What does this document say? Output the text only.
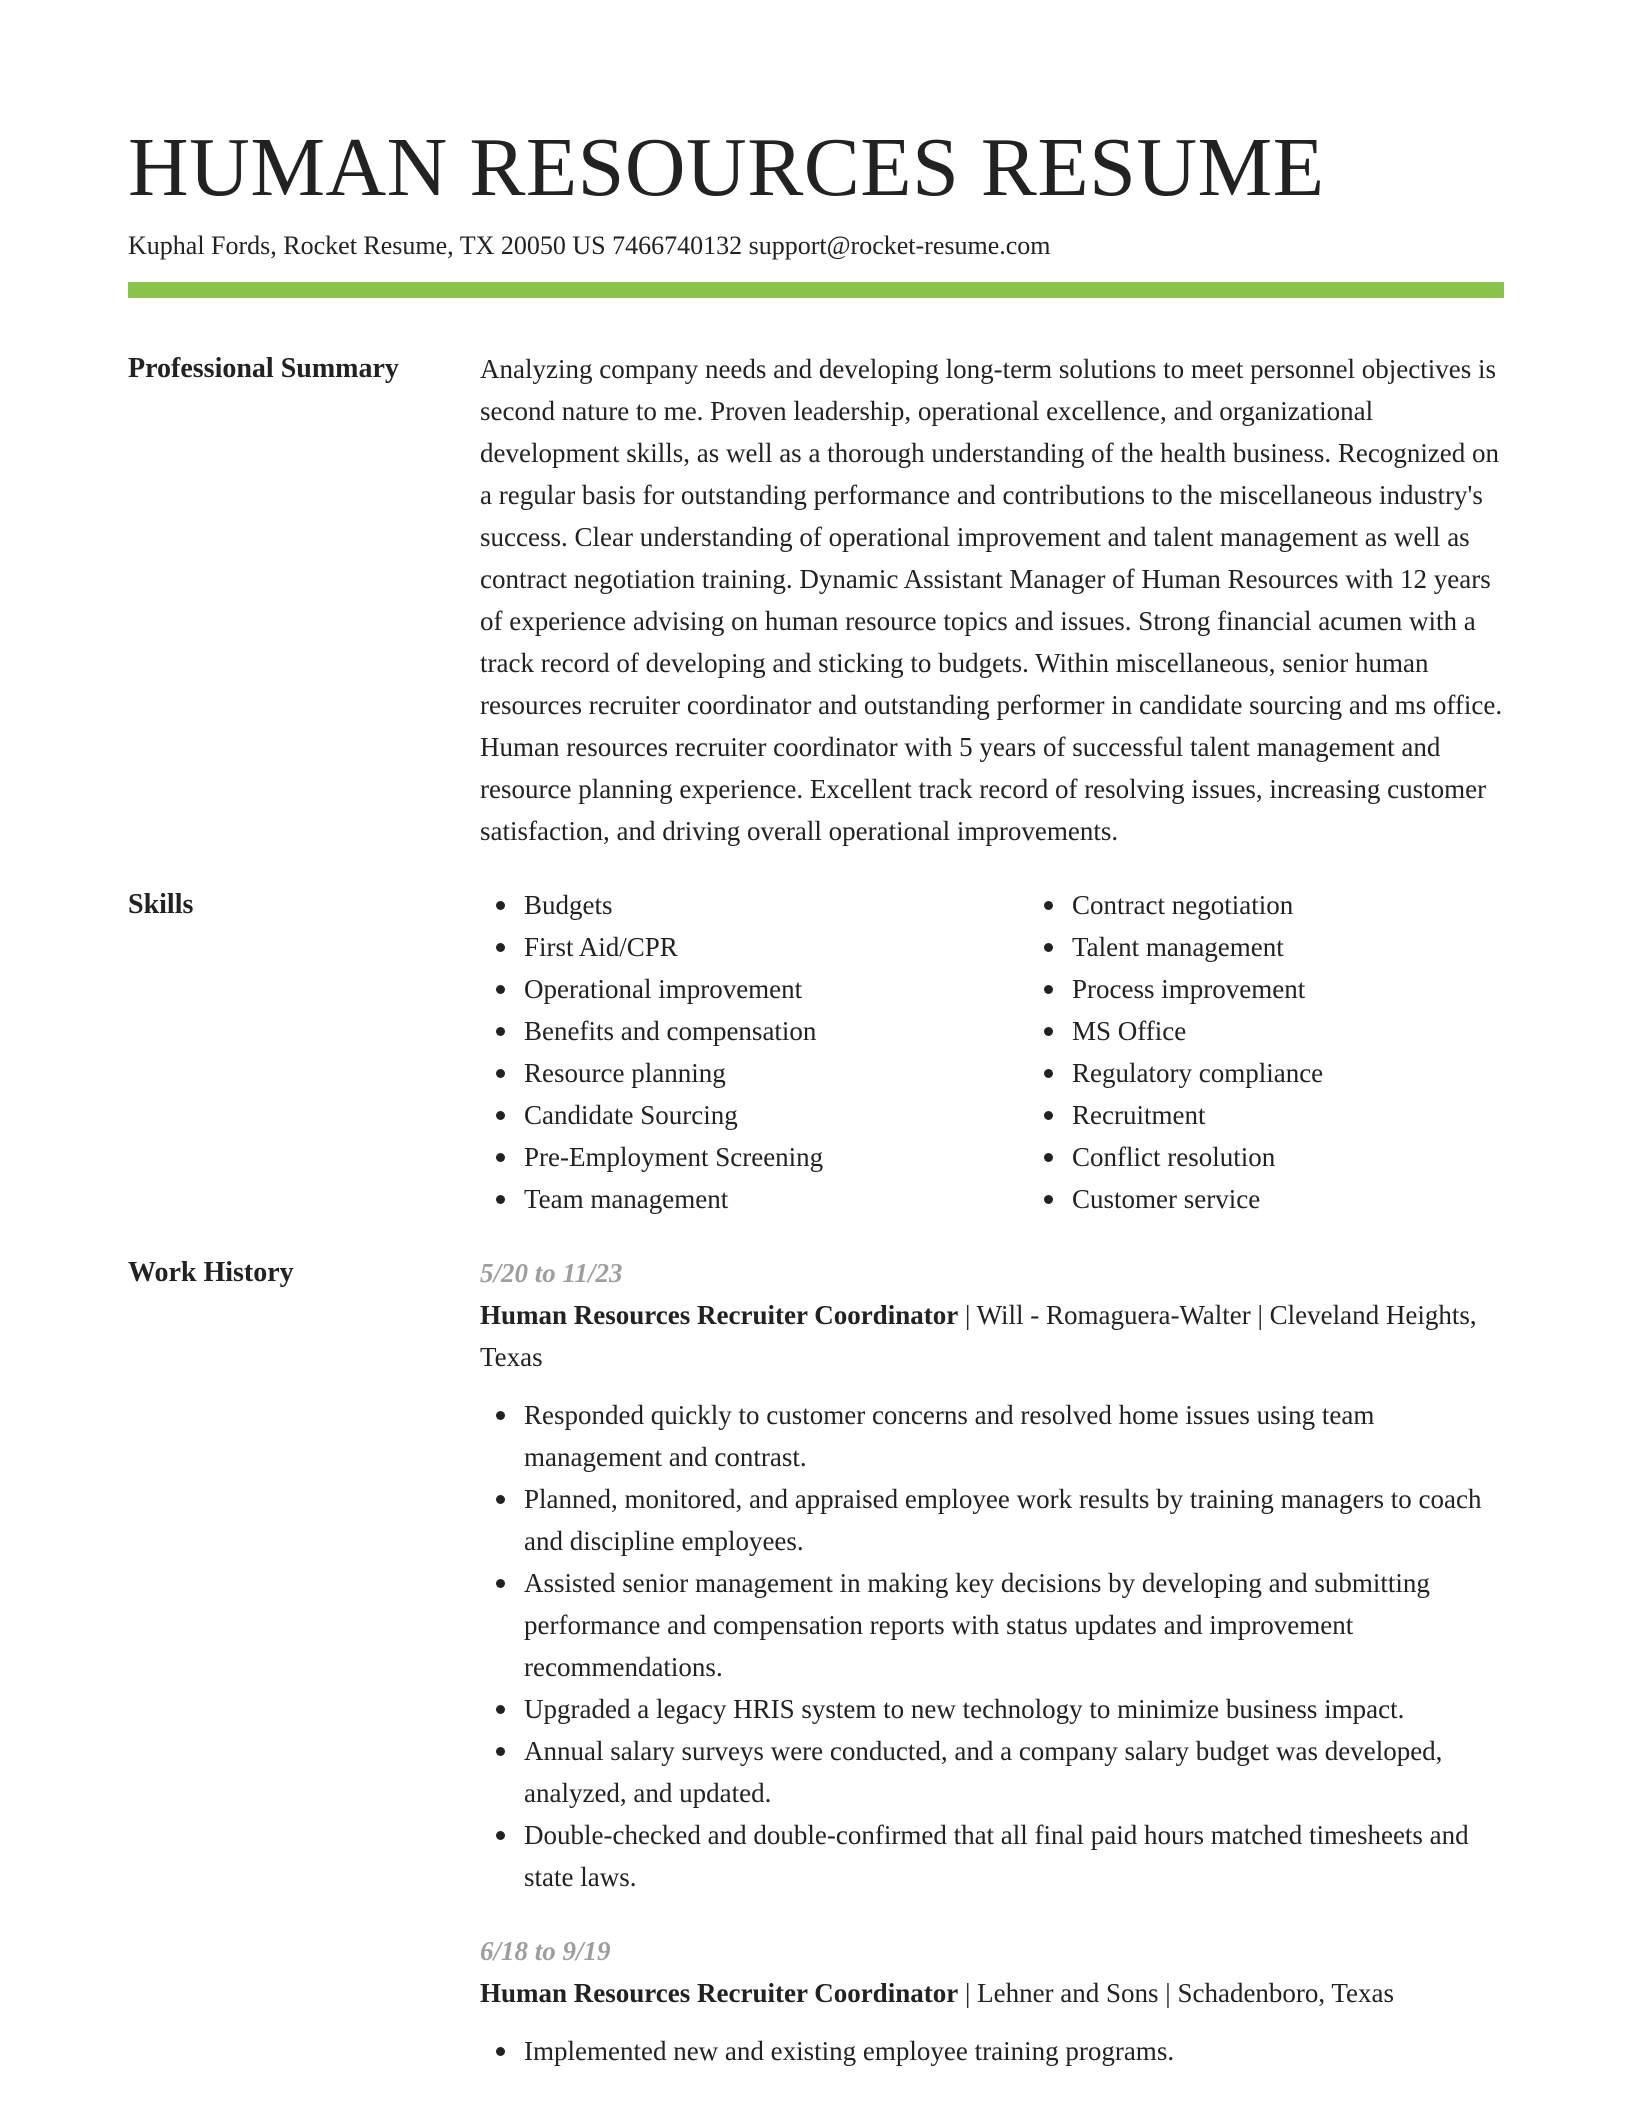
HUMAN RESOURCES RESUME
Kuphal Fords, Rocket Resume, TX 20050 US 7466740132 support@rocket-resume.com
Professional Summary	Analyzing company needs and developing long-term solutions to meet personnel objectives is second nature to me. Proven leadership, operational excellence, and organizational development skills, as well as a thorough understanding of the health business. Recognized on a regular basis for outstanding performance and contributions to the miscellaneous industry's success. Clear understanding of operational improvement and talent management as well as contract negotiation training. Dynamic Assistant Manager of Human Resources with 12 years of experience advising on human resource topics and issues. Strong financial acumen with a track record of developing and sticking to budgets. Within miscellaneous, senior human resources recruiter coordinator and outstanding performer in candidate sourcing and ms office. Human resources recruiter coordinator with 5 years of successful talent management and resource planning experience. Excellent track record of resolving issues, increasing customer satisfaction, and driving overall operational improvements.

Skills	Budgets
First Aid/CPR
Operational improvement
Benefits and compensation
Resource planning
Candidate Sourcing
Pre-Employment Screening
Team management
Contract negotiation
Talent management
Process improvement
MS Office
Regulatory compliance
Recruitment
Conflict resolution
Customer service
Work History	5/20 to 11/23
Human Resources Recruiter Coordinator | Will - Romaguera-Walter | Cleveland Heights, Texas
Responded quickly to customer concerns and resolved home issues using team management and contrast.
Planned, monitored, and appraised employee work results by training managers to coach and discipline employees.
Assisted senior management in making key decisions by developing and submitting performance and compensation reports with status updates and improvement recommendations.
Upgraded a legacy HRIS system to new technology to minimize business impact.
Annual salary surveys were conducted, and a company salary budget was developed, analyzed, and updated.
Double-checked and double-confirmed that all final paid hours matched timesheets and state laws.
6/18 to 9/19
Human Resources Recruiter Coordinator | Lehner and Sons | Schadenboro, Texas
Implemented new and existing employee training programs.
